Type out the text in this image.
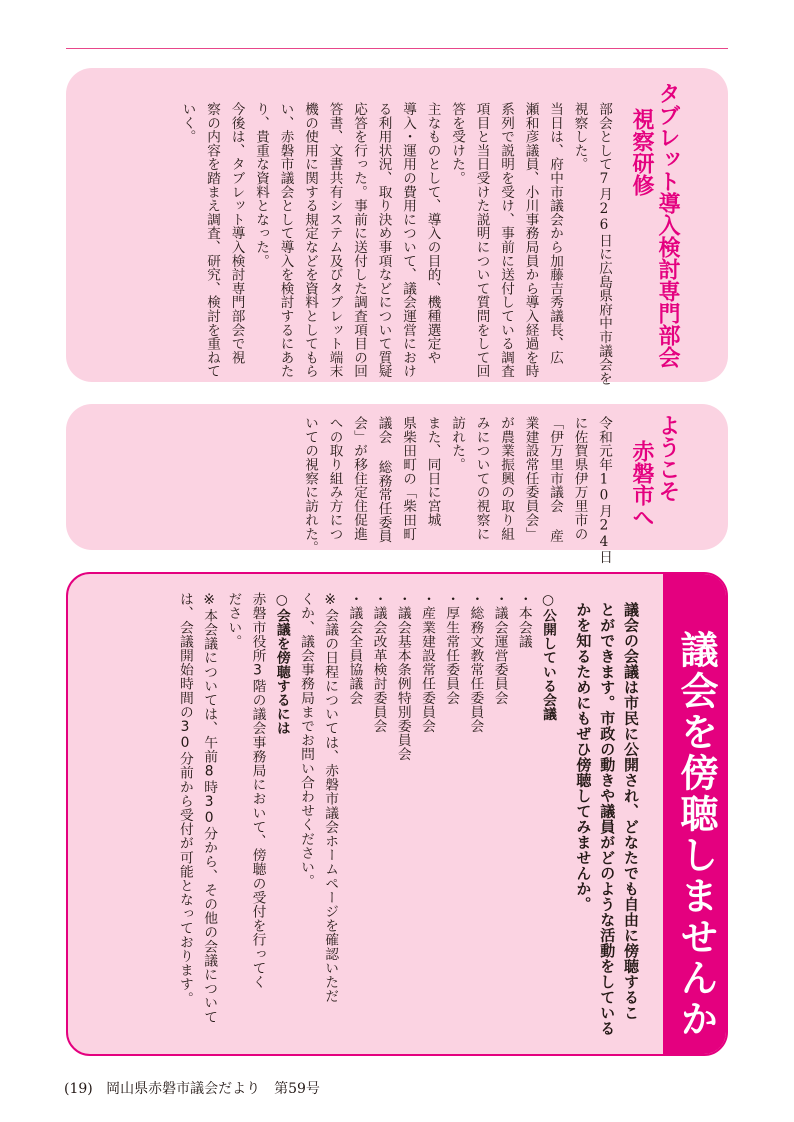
タブレット導入検討専門部会
視察研修
部会として7月26日に広島県府中市議会を
視察した。
当日は、府中市議会から加藤吉秀議長、広
瀬和彦議員、小川事務局員から導入経過を時
系列で説明を受け、事前に送付している調査
項目と当日受けた説明について質問をして回
答を受けた。
主なものとして、導入の目的、機種選定や
導入・運用の費用について、議会運営におけ
る利用状況、取り決め事項などについて質疑
応答を行った。事前に送付した調査項目の回
答書、文書共有システム及びタブレット端末
機の使用に関する規定などを資料としてもら
い、赤磐市議会として導入を検討するにあた
り、貴重な資料となった。
今後は、タブレット導入検討専門部会で視
察の内容を踏まえ調査、研究、検討を重ねて
いく。
ようこそ
赤磐市へ
令和元年10月24日
に佐賀県伊万里市の
「伊万里市議会 産
業建設常任委員会」
が農業振興の取り組
みについての視察に
訪れた。
また、同日に宮城
県柴田町の「柴田町
議会 総務常任委員
会」が移住定住促進
への取り組み方につ
いての視察に訪れた。
議会を傍聴しませんか
議会の会議は市民に公開され、どなたでも自由に傍聴するこ
とができます。市政の動きや議員がどのような活動をしている
かを知るためにもぜひ傍聴してみませんか。
○公開している会議
・本会議
・議会運営委員会
・総務文教常任委員会
・厚生常任委員会
・産業建設常任委員会
・議会基本条例特別委員会
・議会改革検討委員会
・議会全員協議会
※会議の日程については、赤磐市議会ホームページを確認いただ
くか、議会事務局までお問い合わせください。
○会議を傍聴するには
赤磐市役所3階の議会事務局において、傍聴の受付を行ってく
ださい。
※本会議については、午前8時30分から、その他の会議について
は、会議開始時間の30分前から受付が可能となっております。
(19) 岡山県赤磐市議会だより　第59号
